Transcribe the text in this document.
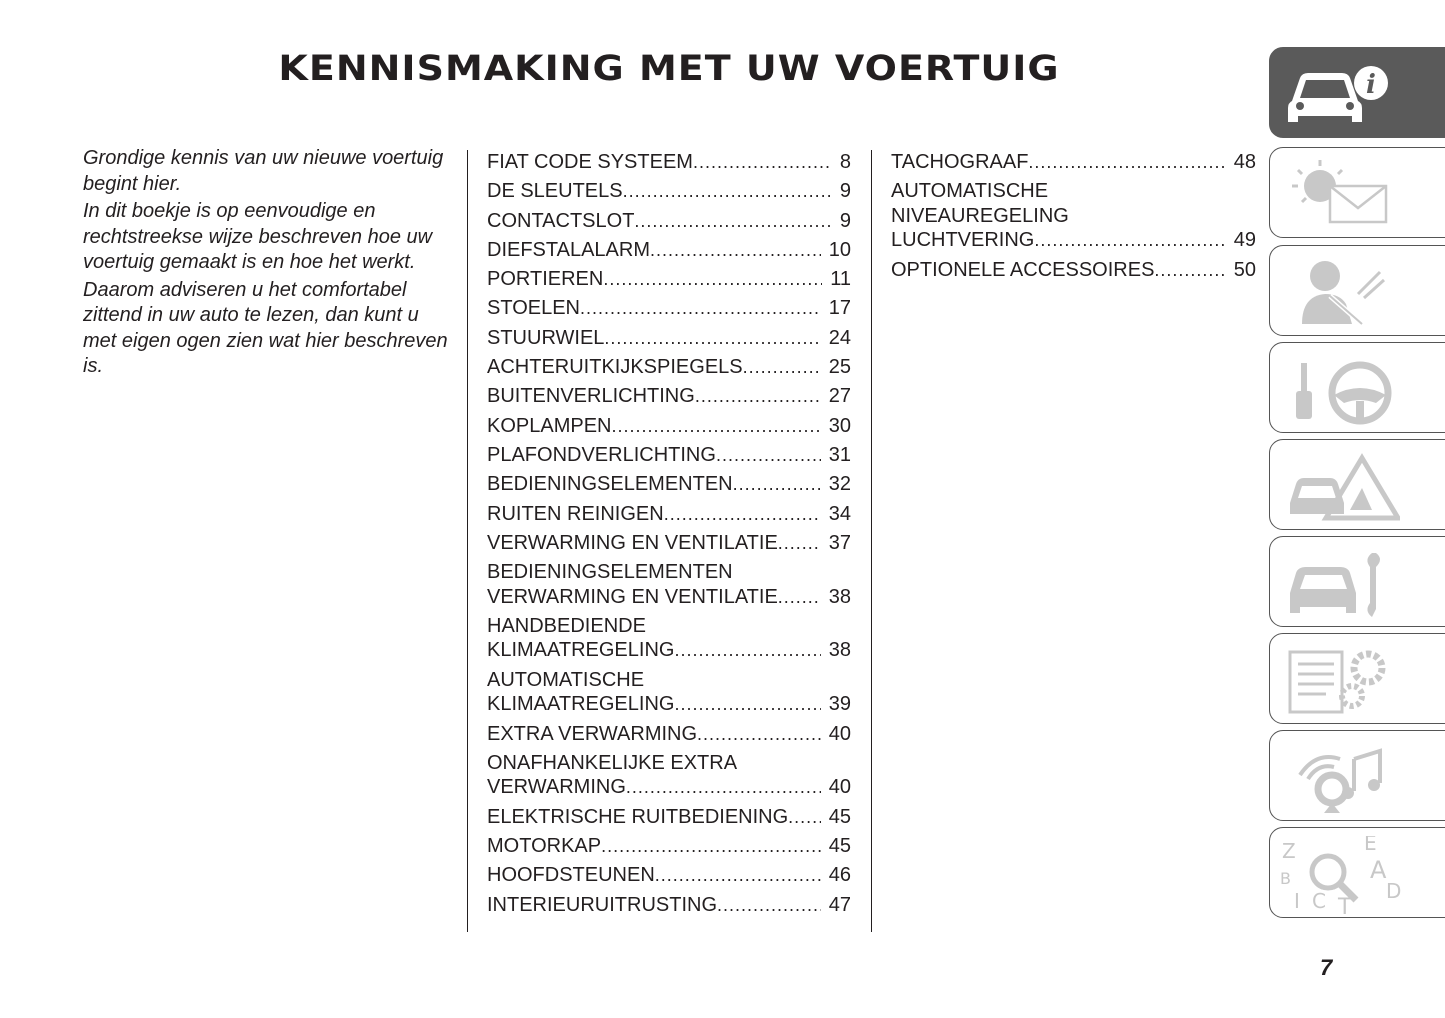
KENNISMAKING MET UW VOERTUIG

Grondige kennis van uw nieuwe voertuig begint hier.

In dit boekje is op eenvoudige en rechtstreekse wijze beschreven hoe uw voertuig gemaakt is en hoe het werkt.

Daarom adviseren u het comfortabel zittend in uw auto te lezen, dan kunt u met eigen ogen zien wat hier beschreven is.

FIAT CODE SYSTEEM .....	8
DE SLEUTELS .....	9
CONTACTSLOT .....	9
DIEFSTALALARM .....	10
PORTIEREN .....	11
STOELEN .....	17
STUURWIEL .....	24
ACHTERUITKIJKSPIEGELS .....	25
BUITENVERLICHTING .....	27
KOPLAMPEN .....	30
PLAFONDVERLICHTING .....	31
BEDIENINGSELEMENTEN .....	32
RUITEN REINIGEN .....	34
VERWARMING EN VENTILATIE .....	37
BEDIENINGSELEMENTEN
VERWARMING EN VENTILATIE .....	38
HANDBEDIENDE
KLIMAATREGELING .....	38
AUTOMATISCHE
KLIMAATREGELING .....	39
EXTRA VERWARMING .....	40
ONAFHANKELIJKE EXTRA
VERWARMING .....	40
ELEKTRISCHE RUITBEDIENING .....	45
MOTORKAP .....	45
HOOFDSTEUNEN .....	46
INTERIEURUITRUSTING .....	47
TACHOGRAAF .....	48
AUTOMATISCHE
NIVEAUREGELING
LUCHTVERING .....	49
OPTIONELE ACCESSOIRES .....	50
i
Z	E
B	A
I C T
D
7
